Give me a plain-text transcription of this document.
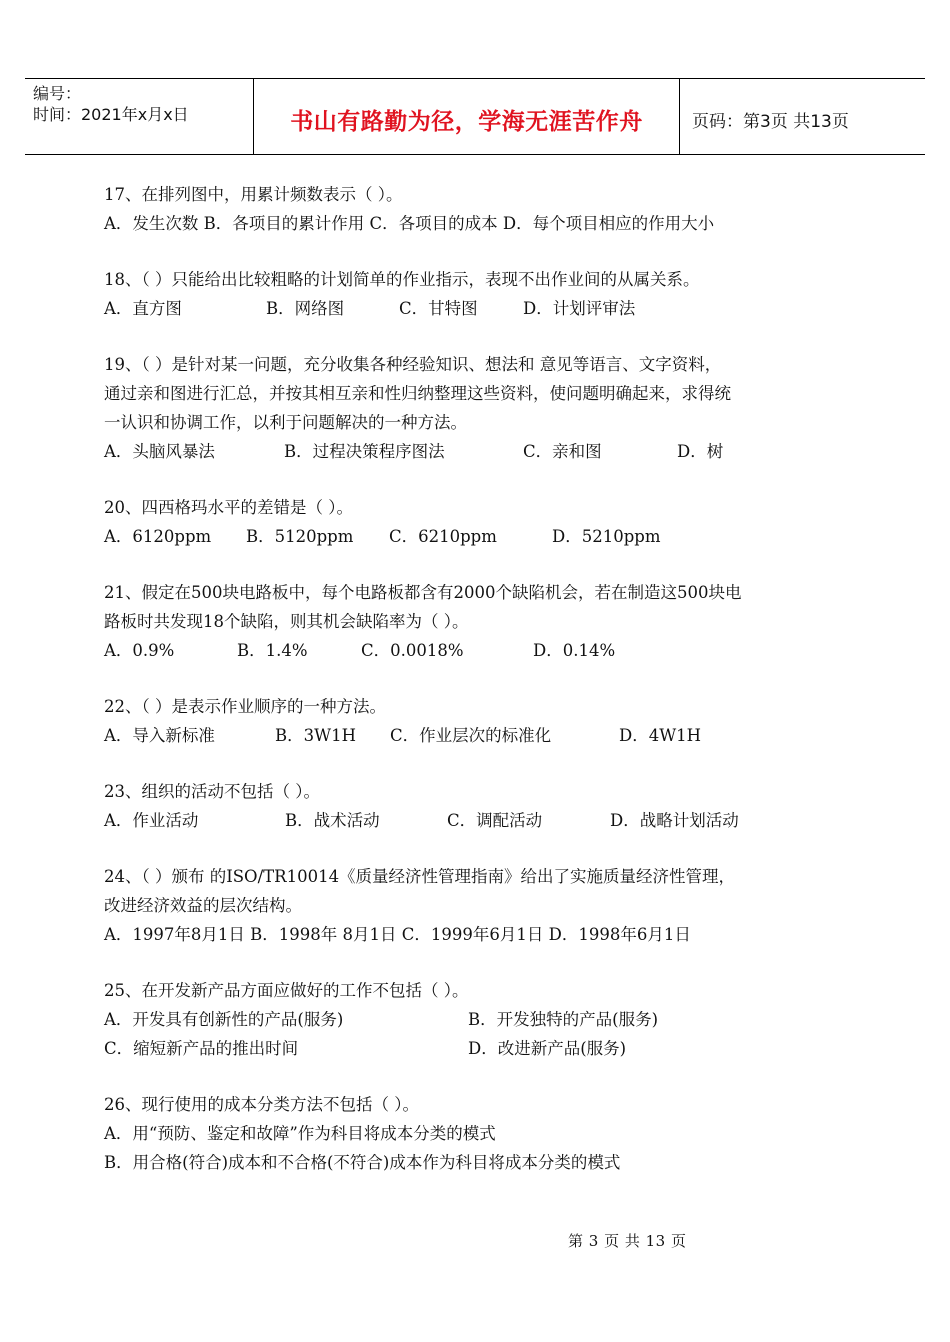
编号：
时间：2021年x月x日	书山有路勤为径，学海无涯苦作舟	页码：第3页 共13页
17、在排列图中，用累计频数表示（ ）。
A．发生次数 B．各项目的累计作用 C．各项目的成本 D．每个项目相应的作用大小
18、（ ）只能给出比较粗略的计划简单的作业指示，表现不出作业间的从属关系。
A．直方图	B．网络图	C．甘特图	D．计划评审法
19、（ ）是针对某一问题，充分收集各种经验知识、想法和 意见等语言、文字资料，
通过亲和图进行汇总，并按其相互亲和性归纳整理这些资料，使问题明确起来，求得统
一认识和协调工作，以利于问题解决的一种方法。
A．头脑风暴法	B．过程决策程序图法	C．亲和图	D．树
20、四西格玛水平的差错是（ ）。
A．6120ppm B．5120ppm C．6210ppm	D．5210ppm
21、假定在500块电路板中，每个电路板都含有2000个缺陷机会，若在制造这500块电
路板时共发现18个缺陷，则其机会缺陷率为（ ）。
A．0.9%	B．1.4%	C．0.0018%	D．0.14%
22、（ ）是表示作业顺序的一种方法。
A．导入新标准	B．3W1H C．作业层次的标准化	D．4W1H
23、组织的活动不包括（ ）。
A．作业活动	B．战术活动	C．调配活动	D．战略计划活动
24、（ ）颁布 的ISO/TR10014《质量经济性管理指南》给出了实施质量经济性管理，
改进经济效益的层次结构。
A．1997年8月1日 B．1998年 8月1日 C．1999年6月1日 D．1998年6月1日
25、在开发新产品方面应做好的工作不包括（ ）。
A．开发具有创新性的产品(服务)	B．开发独特的产品(服务)
C．缩短新产品的推出时间	D．改进新产品(服务)
26、现行使用的成本分类方法不包括（ ）。
A．用“预防、鉴定和故障”作为科目将成本分类的模式
B．用合格(符合)成本和不合格(不符合)成本作为科目将成本分类的模式
第 3 页 共 13 页
